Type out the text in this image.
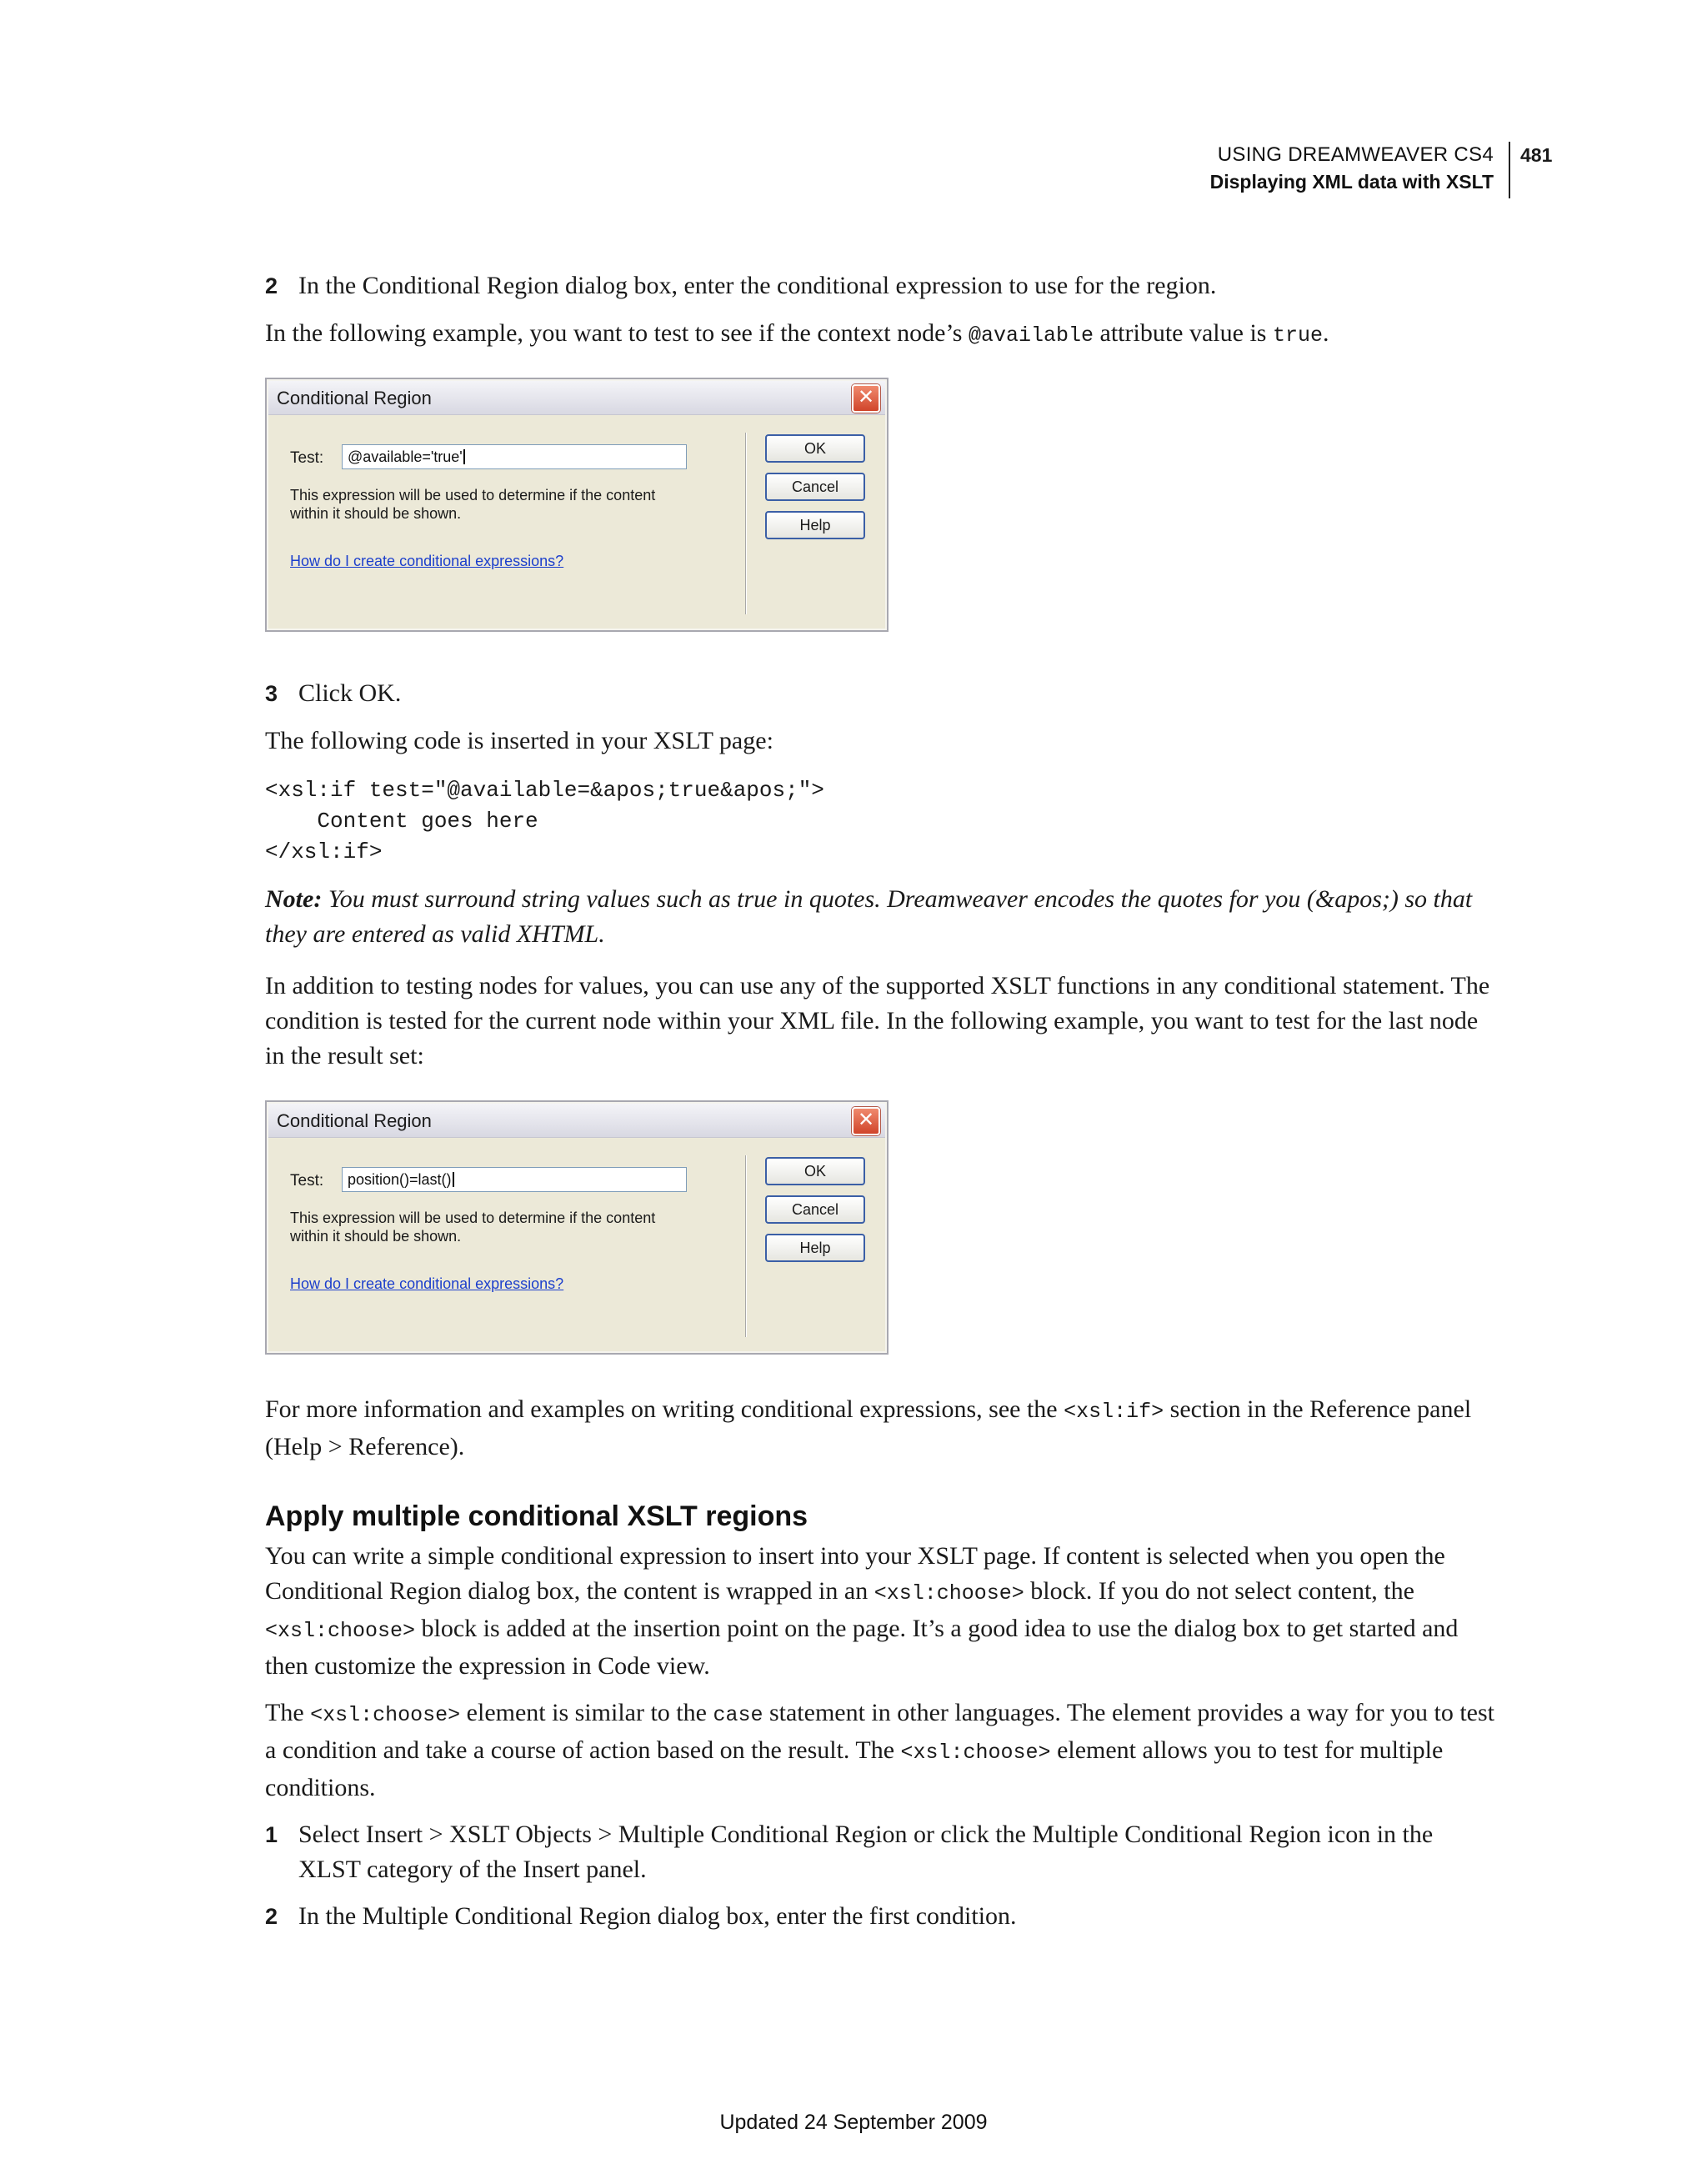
USING DREAMWEAVER CS4
Displaying XML data with XSLT
481
2 In the Conditional Region dialog box, enter the conditional expression to use for the region.
In the following example, you want to test to see if the context node’s @available attribute value is true.
Conditional Region	✕
Test:	@available='true'
This expression will be used to determine if the content within it should be shown.
How do I create conditional expressions?
OK
Cancel
Help
3 Click OK.
The following code is inserted in your XSLT page:
<xsl:if test="@available=&apos;true&apos;">
Content goes here
</xsl:if>
Note: You must surround string values such as true in quotes. Dreamweaver encodes the quotes for you (&apos;) so that they are entered as valid XHTML.
In addition to testing nodes for values, you can use any of the supported XSLT functions in any conditional statement. The condition is tested for the current node within your XML file. In the following example, you want to test for the last node in the result set:
Conditional Region	✕
Test:	position()=last()
This expression will be used to determine if the content within it should be shown.
How do I create conditional expressions?
OK
Cancel
Help
For more information and examples on writing conditional expressions, see the <xsl:if> section in the Reference panel (Help > Reference).
Apply multiple conditional XSLT regions
You can write a simple conditional expression to insert into your XSLT page. If content is selected when you open the Conditional Region dialog box, the content is wrapped in an <xsl:choose> block. If you do not select content, the <xsl:choose> block is added at the insertion point on the page. It’s a good idea to use the dialog box to get started and then customize the expression in Code view.
The <xsl:choose> element is similar to the case statement in other languages. The element provides a way for you to test a condition and take a course of action based on the result. The <xsl:choose> element allows you to test for multiple conditions.
1 Select Insert > XSLT Objects > Multiple Conditional Region or click the Multiple Conditional Region icon in the XLST category of the Insert panel.
2 In the Multiple Conditional Region dialog box, enter the first condition.
Updated 24 September 2009
